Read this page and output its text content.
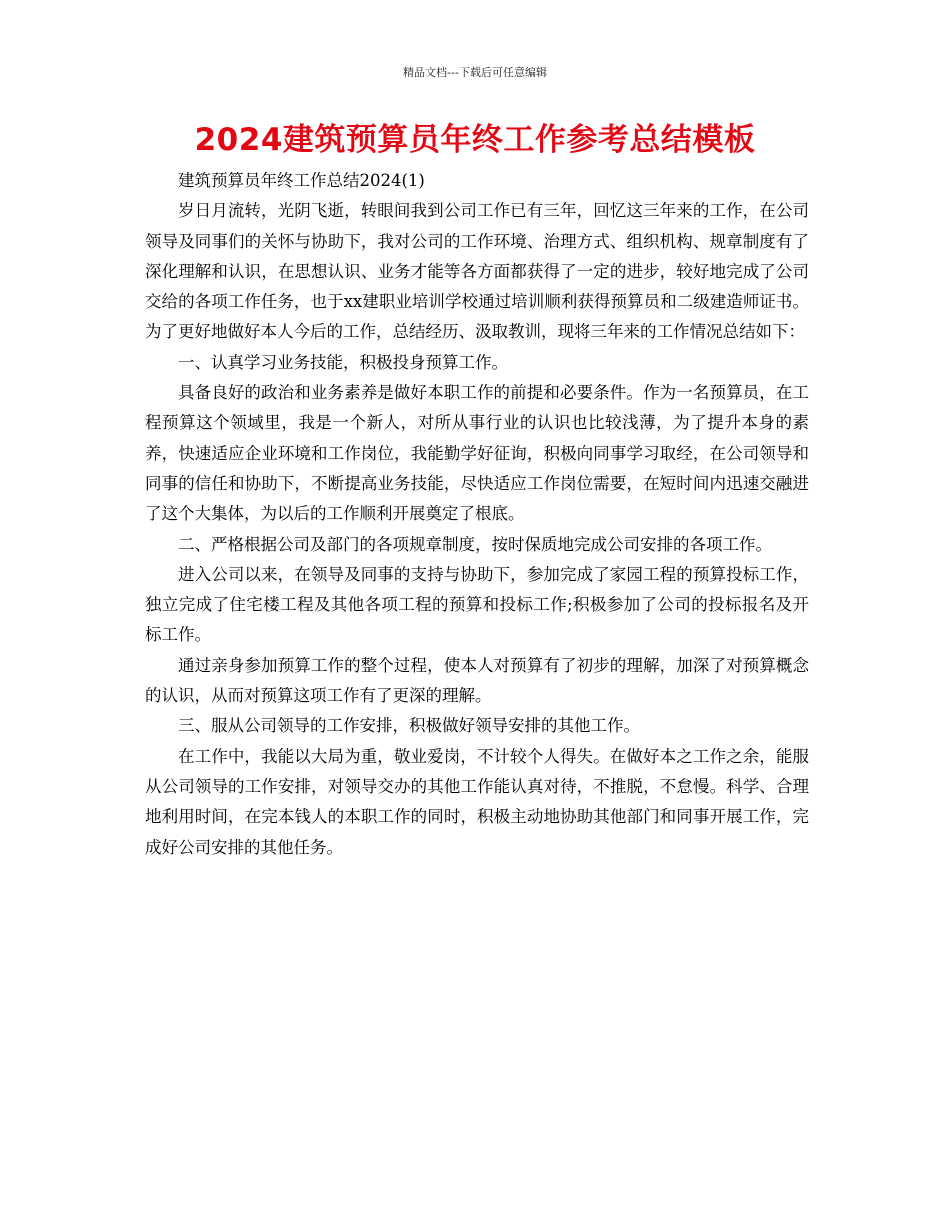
精品文档---下载后可任意编辑
2024建筑预算员年终工作参考总结模板

建筑预算员年终工作总结2024(1)

岁日月流转，光阴飞逝，转眼间我到公司工作已有三年，回忆这三年来的工作，在公司领导及同事们的关怀与协助下，我对公司的工作环境、治理方式、组织机构、规章制度有了深化理解和认识，在思想认识、业务才能等各方面都获得了一定的进步，较好地完成了公司交给的各项工作任务，也于xx建职业培训学校通过培训顺利获得预算员和二级建造师证书。为了更好地做好本人今后的工作，总结经历、汲取教训，现将三年来的工作情况总结如下：

一、认真学习业务技能，积极投身预算工作。

具备良好的政治和业务素养是做好本职工作的前提和必要条件。作为一名预算员，在工程预算这个领域里，我是一个新人，对所从事行业的认识也比较浅薄，为了提升本身的素养，快速适应企业环境和工作岗位，我能勤学好征询，积极向同事学习取经，在公司领导和同事的信任和协助下，不断提高业务技能，尽快适应工作岗位需要，在短时间内迅速交融进了这个大集体，为以后的工作顺利开展奠定了根底。

二、严格根据公司及部门的各项规章制度，按时保质地完成公司安排的各项工作。

进入公司以来，在领导及同事的支持与协助下，参加完成了家园工程的预算投标工作，独立完成了住宅楼工程及其他各项工程的预算和投标工作;积极参加了公司的投标报名及开标工作。

通过亲身参加预算工作的整个过程，使本人对预算有了初步的理解，加深了对预算概念的认识，从而对预算这项工作有了更深的理解。

三、服从公司领导的工作安排，积极做好领导安排的其他工作。

在工作中，我能以大局为重，敬业爱岗，不计较个人得失。在做好本之工作之余，能服从公司领导的工作安排，对领导交办的其他工作能认真对待，不推脱，不怠慢。科学、合理地利用时间，在完本钱人的本职工作的同时，积极主动地协助其他部门和同事开展工作，完成好公司安排的其他任务。
